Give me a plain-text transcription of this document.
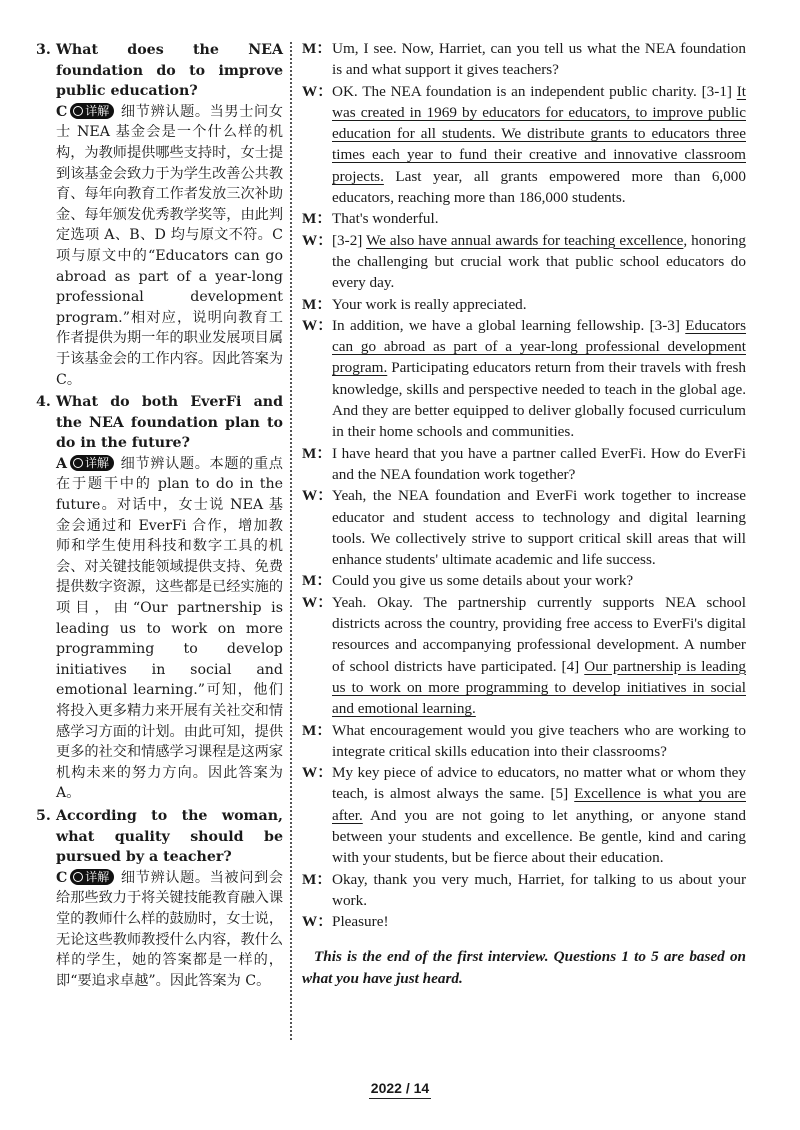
3. What does the NEA foundation do to improve public education?
C 详解 细节辨认题。当男士问女士 NEA 基金会是一个什么样的机构，为教师提供哪些支持时，女士提到该基金会致力于为学生改善公共教育、每年向教育工作者发放三次补助金、每年颁发优秀教学奖等，由此判定选项 A、B、D 均与原文不符。C 项与原文中的“Educators can go abroad as part of a year-long professional development program.”相对应，说明向教育工作者提供为期一年的职业发展项目属于该基金会的工作内容。因此答案为 C。
4. What do both EverFi and the NEA foundation plan to do in the future?
A 详解 细节辨认题。本题的重点在于题干中的 plan to do in the future。对话中，女士说 NEA 基金会通过和 EverFi 合作，增加教师和学生使用科技和数字工具的机会、对关键技能领域提供支持、免费提供数字资源，这些都是已经实施的项目，由“Our partnership is leading us to work on more programming to develop initiatives in social and emotional learning.”可知，他们将投入更多精力来开展有关社交和情感学习方面的计划。由此可知，提供更多的社交和情感学习课程是这两家机构未来的努力方向。因此答案为 A。
5. According to the woman, what quality should be pursued by a teacher?
C 详解 细节辨认题。当被问到会给那些致力于将关键技能教育融入课堂的教师什么样的鼓励时，女士说，无论这些教师教授什么内容，教什么样的学生，她的答案都是一样的，即“要追求卓越”。因此答案为 C。
M： Um, I see. Now, Harriet, can you tell us what the NEA foundation is and what support it gives teachers?
W： OK. The NEA foundation is an independent public charity. [3-1] It was created in 1969 by educators for educators, to improve public education for all students. We distribute grants to educators three times each year to fund their creative and innovative classroom projects. Last year, all grants empowered more than 6,000 educators, reaching more than 186,000 students.
M： That's wonderful.
W： [3-2] We also have annual awards for teaching excellence, honoring the challenging but crucial work that public school educators do every day.
M： Your work is really appreciated.
W： In addition, we have a global learning fellowship. [3-3] Educators can go abroad as part of a year-long professional development program. Participating educators return from their travels with fresh knowledge, skills and perspective needed to teach in the global age. And they are better equipped to deliver globally focused curriculum in their home schools and communities.
M： I have heard that you have a partner called EverFi. How do EverFi and the NEA foundation work together?
W： Yeah, the NEA foundation and EverFi work together to increase educator and student access to technology and digital learning tools. We collectively strive to support critical skill areas that will enhance students' ultimate academic and life success.
M： Could you give us some details about your work?
W： Yeah. Okay. The partnership currently supports NEA school districts across the country, providing free access to EverFi's digital resources and accompanying professional development. A number of school districts have participated. [4] Our partnership is leading us to work on more programming to develop initiatives in social and emotional learning.
M： What encouragement would you give teachers who are working to integrate critical skills education into their classrooms?
W： My key piece of advice to educators, no matter what or whom they teach, is almost always the same. [5] Excellence is what you are after. And you are not going to let anything, or anyone stand between your students and excellence. Be gentle, kind and caring with your students, but be fierce about their education.
M： Okay, thank you very much, Harriet, for talking to us about your work.
W： Pleasure!
This is the end of the first interview. Questions 1 to 5 are based on what you have just heard.
2022 / 14
